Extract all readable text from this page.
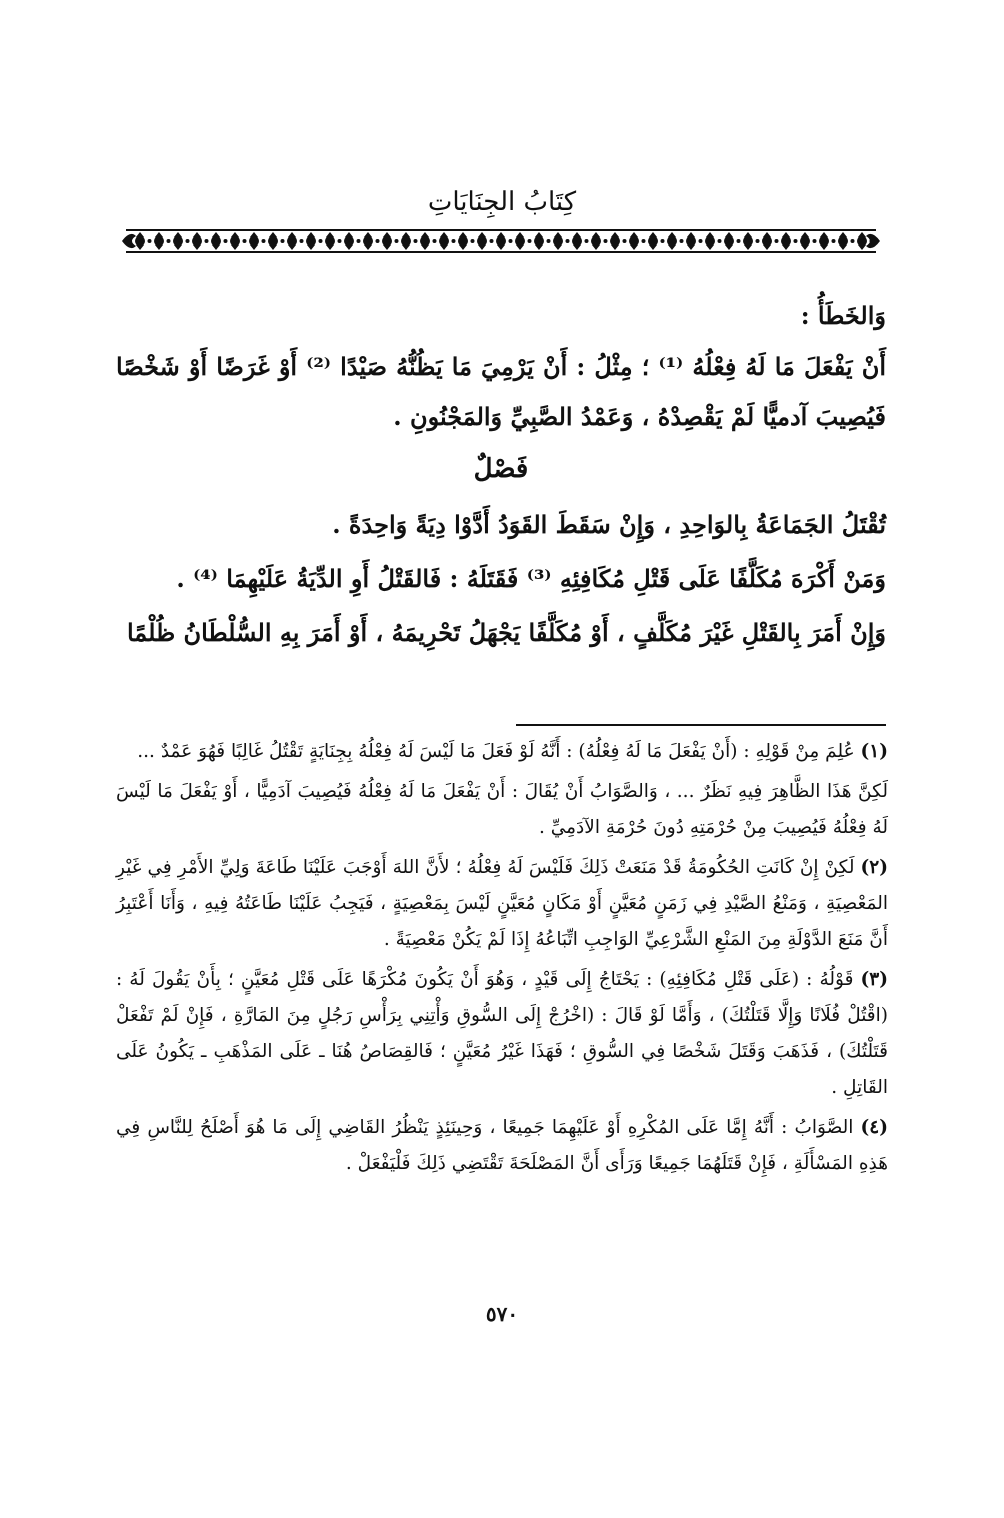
كِتَابُ الجِنَايَاتِ

وَالخَطَأُ :

أَنْ يَفْعَلَ مَا لَهُ فِعْلُهُ ⁽¹⁾ ؛ مِثْلُ : أَنْ يَرْمِيَ مَا يَظُنُّهُ صَيْدًا ⁽²⁾ أَوْ غَرَضًا أَوْ شَخْصًا فَيُصِيبَ آدميًّا لَمْ يَقْصِدْهُ ، وَعَمْدُ الصَّبِيِّ وَالمَجْنُونِ .

فَصْلٌ

تُقْتَلُ الجَمَاعَةُ بِالوَاحِدِ ، وَإِنْ سَقَطَ القَوَدُ أَدَّوْا دِيَةً وَاحِدَةً .

وَمَنْ أَكْرَهَ مُكَلَّفًا عَلَى قَتْلِ مُكَافِئِهِ ⁽³⁾ فَقَتَلَهُ : فَالقَتْلُ أَوِ الدِّيَةُ عَلَيْهِمَا ⁽⁴⁾ .

وَإِنْ أَمَرَ بِالقَتْلِ غَيْرَ مُكَلَّفٍ ، أَوْ مُكَلَّفًا يَجْهَلُ تَحْرِيمَهُ ، أَوْ أَمَرَ بِهِ السُّلْطَانُ ظُلْمًا

(١) عُلِمَ مِنْ قَوْلِهِ : (أَنْ يَفْعَلَ مَا لَهُ فِعْلُهُ) : أَنَّهُ لَوْ فَعَلَ مَا لَيْسَ لَهُ فِعْلُهُ بِجِنَايَةٍ تَقْتُلُ غَالِبًا فَهُوَ عَمْدٌ ...

لَكِنَّ هَذَا الظَّاهِرَ فِيهِ نَظَرٌ ... ، وَالصَّوَابُ أَنْ يُقَالَ : أَنْ يَفْعَلَ مَا لَهُ فِعْلُهُ فَيُصِيبَ آدَمِيًّا ، أَوْ يَفْعَلَ مَا لَيْسَ لَهُ فِعْلُهُ فَيُصِيبَ مِنْ حُرْمَتِهِ دُونَ حُرْمَةِ الآدَمِيِّ .

(٢) لَكِنْ إِنْ كَانَتِ الحُكُومَةُ قَدْ مَنَعَتْ ذَلِكَ فَلَيْسَ لَهُ فِعْلُهُ ؛ لأَنَّ اللهَ أَوْجَبَ عَلَيْنَا طَاعَةَ وَلِيِّ الأَمْرِ فِي غَيْرِ المَعْصِيَةِ ، وَمَنْعُ الصَّيْدِ فِي زَمَنٍ مُعَيَّنٍ أَوْ مَكَانٍ مُعَيَّنٍ لَيْسَ بِمَعْصِيَةٍ ، فَيَجِبُ عَلَيْنَا طَاعَتُهُ فِيهِ ، وَأَنَا أَعْتَبِرُ أَنَّ مَنَعَ الدَّوْلَةِ مِنَ المَنْعِ الشَّرْعِيِّ الوَاجِبِ اتِّبَاعُهُ إِذَا لَمْ يَكُنْ مَعْصِيَةً .

(٣) قَوْلُهُ : (عَلَى قَتْلِ مُكَافِئِهِ) : يَحْتَاجُ إِلَى قَيْدٍ ، وَهُوَ أَنْ يَكُونَ مُكْرَهًا عَلَى قَتْلِ مُعَيَّنٍ ؛ بِأَنْ يَقُولَ لَهُ : (اقْتُلْ فُلَانًا وَإِلَّا قَتَلْتُكَ) ، وَأَمَّا لَوْ قَالَ : (اخْرُجْ إِلَى السُّوقِ وَأْتِنِي بِرَأْسِ رَجُلٍ مِنَ المَارَّةِ ، فَإِنْ لَمْ تَفْعَلْ قَتَلْتُكَ) ، فَذَهَبَ وَقَتَلَ شَخْصًا فِي السُّوقِ ؛ فَهَذَا غَيْرُ مُعَيَّنٍ ؛ فَالقِصَاصُ هُنَا ـ عَلَى المَذْهَبِ ـ يَكُونُ عَلَى القَاتِلِ .

(٤) الصَّوَابُ : أَنَّهُ إِمَّا عَلَى المُكْرِهِ أَوْ عَلَيْهِمَا جَمِيعًا ، وَحِينَئِذٍ يَنْظُرُ القَاضِي إِلَى مَا هُوَ أَصْلَحُ لِلنَّاسِ فِي هَذِهِ المَسْأَلَةِ ، فَإِنْ قَتَلَهُمَا جَمِيعًا وَرَأَى أَنَّ المَصْلَحَةَ تَقْتَضِي ذَلِكَ فَلْيَفْعَلْ .

٥٧٠
